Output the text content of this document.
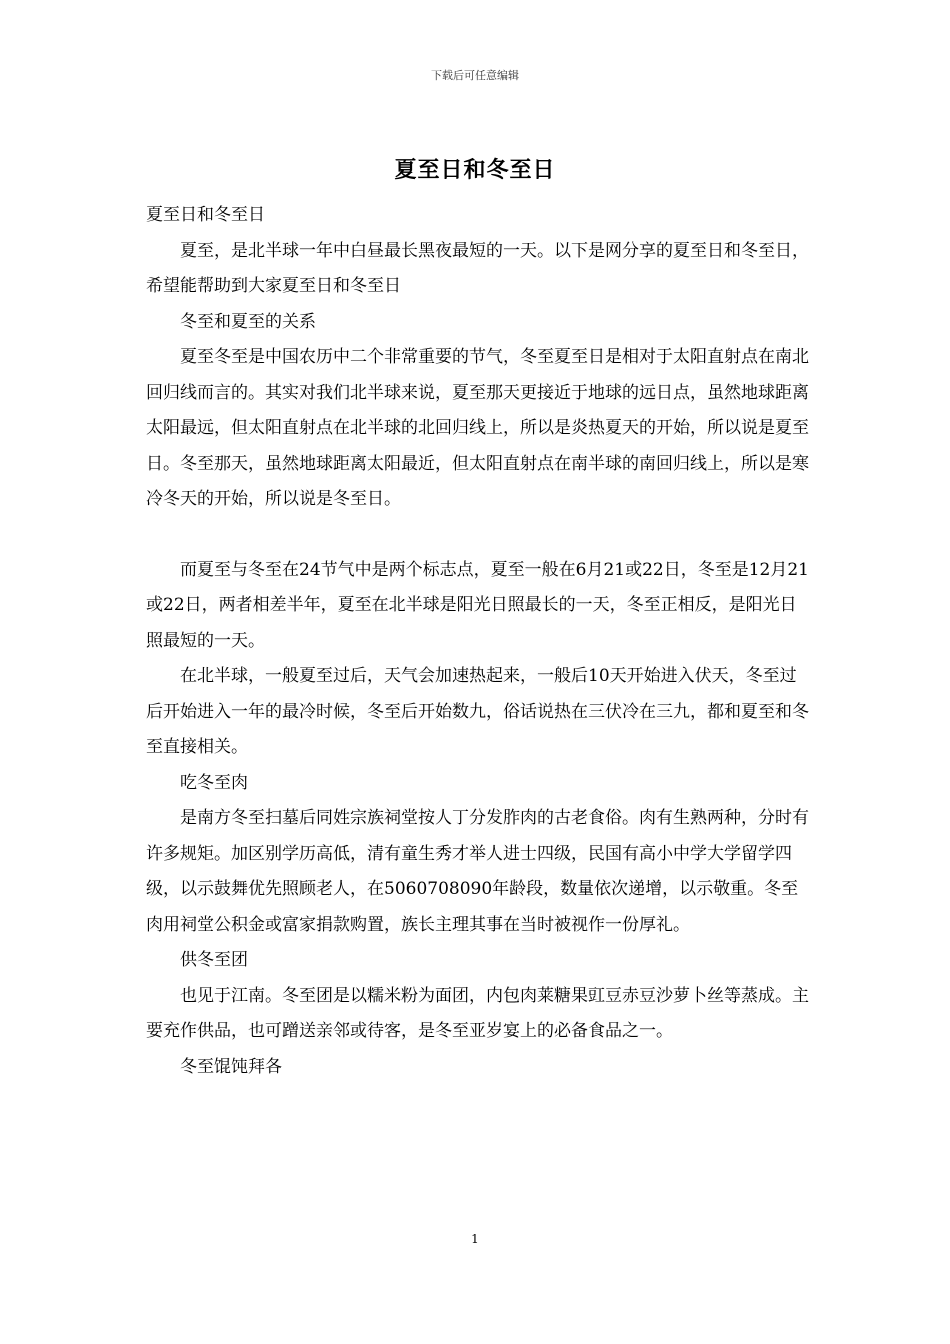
下载后可任意编辑
夏至日和冬至日

夏至日和冬至日

夏至，是北半球一年中白昼最长黑夜最短的一天。以下是网分享的夏至日和冬至日，希望能帮助到大家夏至日和冬至日

冬至和夏至的关系

夏至冬至是中国农历中二个非常重要的节气，冬至夏至日是相对于太阳直射点在南北回归线而言的。其实对我们北半球来说，夏至那天更接近于地球的远日点，虽然地球距离太阳最远，但太阳直射点在北半球的北回归线上，所以是炎热夏天的开始，所以说是夏至日。冬至那天，虽然地球距离太阳最近，但太阳直射点在南半球的南回归线上，所以是寒冷冬天的开始，所以说是冬至日。

而夏至与冬至在24节气中是两个标志点，夏至一般在6月21或22日，冬至是12月21或22日，两者相差半年，夏至在北半球是阳光日照最长的一天，冬至正相反，是阳光日照最短的一天。

在北半球，一般夏至过后，天气会加速热起来，一般后10天开始进入伏天，冬至过后开始进入一年的最冷时候，冬至后开始数九，俗话说热在三伏冷在三九，都和夏至和冬至直接相关。

吃冬至肉

是南方冬至扫墓后同姓宗族祠堂按人丁分发胙肉的古老食俗。肉有生熟两种，分时有许多规矩。加区别学历高低，清有童生秀才举人进士四级，民国有高小中学大学留学四级，以示鼓舞优先照顾老人，在5060708090年龄段，数量依次递增，以示敬重。冬至肉用祠堂公积金或富家捐款购置，族长主理其事在当时被视作一份厚礼。

供冬至团

也见于江南。冬至团是以糯米粉为面团，内包肉莱糖果豇豆赤豆沙萝卜丝等蒸成。主要充作供品，也可蹭送亲邻或待客，是冬至亚岁宴上的必备食品之一。

冬至馄饨拜各

1
